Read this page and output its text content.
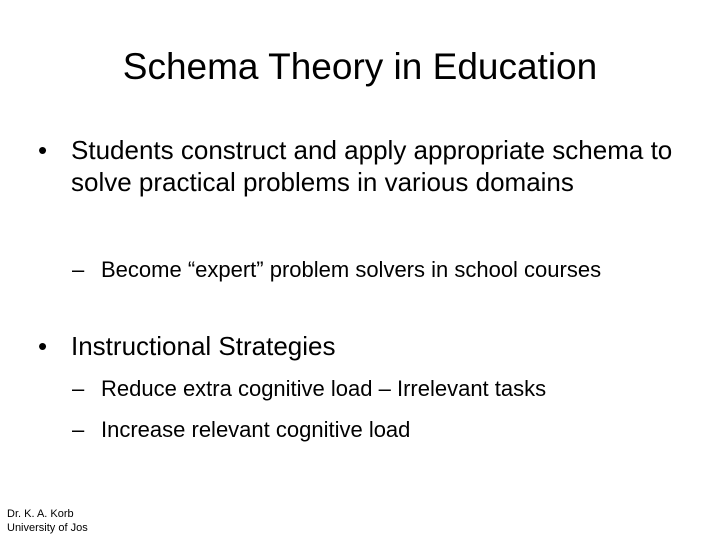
Schema Theory in Education
• Students construct and apply appropriate schema to solve practical problems in various domains
– Become “expert” problem solvers in school courses
• Instructional Strategies
– Reduce extra cognitive load – Irrelevant tasks
– Increase relevant cognitive load
Dr. K. A. Korb
University of Jos
